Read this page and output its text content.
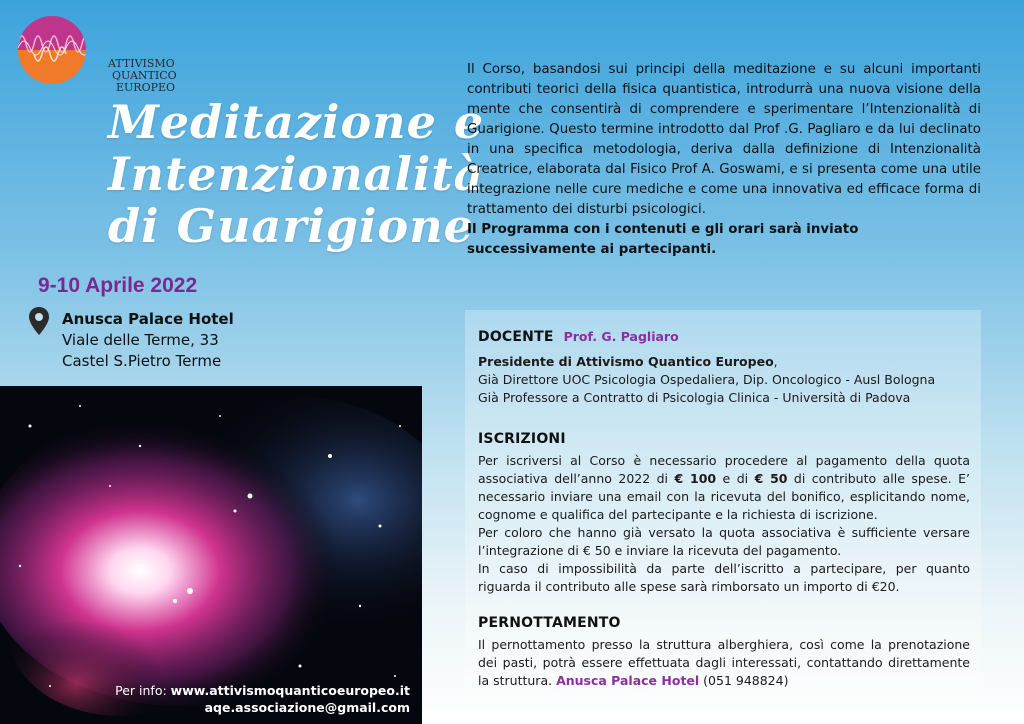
ATTIVISMO
QUANTICO
EUROPEO
Meditazione e
Intenzionalità
di Guarigione
9-10 Aprile 2022
Anusca Palace Hotel
Viale delle Terme, 33
Castel S.Pietro Terme
Per info: www.attivismoquanticoeuropeo.it
aqe.associazione@gmail.com

Il Corso, basandosi sui principi della meditazione e su alcuni importanti contributi teorici della fisica quantistica, introdurrà una nuova visione della mente che consentirà di comprendere e sperimentare l’Intenzionalità di Guarigione. Questo termine introdotto dal Prof .G. Pagliaro e da lui declinato in una specifica metodologia, deriva dalla definizione di Intenzionalità Creatrice, elaborata dal Fisico Prof A. Goswami, e si presenta come una utile integrazione nelle cure mediche e come una innovativa ed efficace forma di trattamento dei disturbi psicologici.

Il Programma con i contenuti e gli orari sarà inviato successivamente ai partecipanti.

DOCENTE Prof. G. Pagliaro
Presidente di Attivismo Quantico Europeo,
Già Direttore UOC Psicologia Ospedaliera, Dip. Oncologico - Ausl Bologna
Già Professore a Contratto di Psicologia Clinica - Università di Padova
ISCRIZIONI

Per iscriversi al Corso è necessario procedere al pagamento della quota associativa dell’anno 2022 di € 100 e di € 50 di contributo alle spese. E’ necessario inviare una email con la ricevuta del bonifico, esplicitando nome, cognome e qualifica del partecipante e la richiesta di iscrizione.

Per coloro che hanno già versato la quota associativa è sufficiente versare l’integrazione di € 50 e inviare la ricevuta del pagamento.

In caso di impossibilità da parte dell’iscritto a partecipare, per quanto riguarda il contributo alle spese sarà rimborsato un importo di €20.

PERNOTTAMENTO

Il pernottamento presso la struttura alberghiera, così come la prenotazione dei pasti, potrà essere effettuata dagli interessati, contattando direttamente la struttura. Anusca Palace Hotel (051 948824)
